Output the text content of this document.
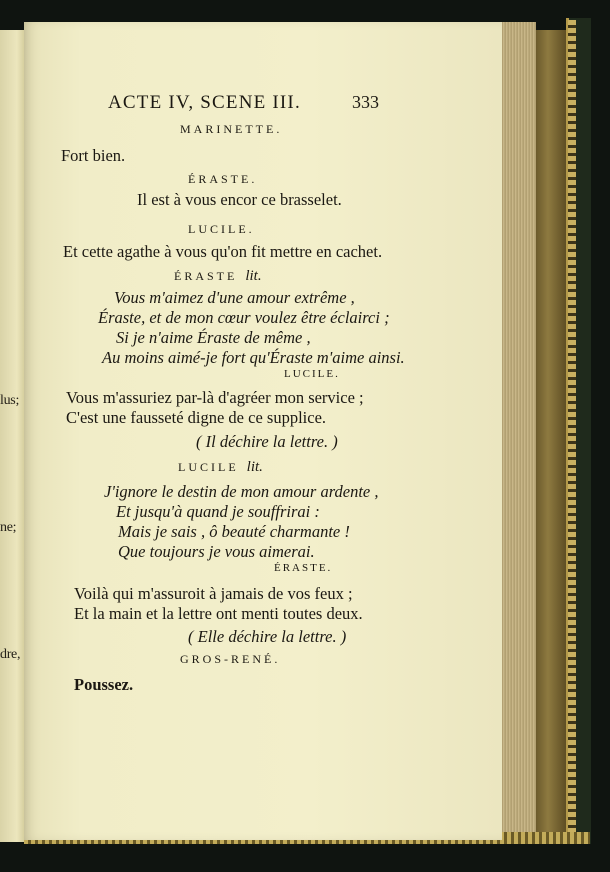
lus;
ne;
dre,
ACTE IV, SCENE III.	333
MARINETTE.
Fort bien.
ÉRASTE.
Il est à vous encor ce brasselet.
LUCILE.
Et cette agathe à vous qu'on fit mettre en cachet.
ÉRASTE lit.
Vous m'aimez d'une amour extrême ,
Éraste, et de mon cœur voulez être éclairci ;
Si je n'aime Éraste de même ,
Au moins aimé-je fort qu'Éraste m'aime ainsi.
LUCILE.
Vous m'assuriez par-là d'agréer mon service ;
C'est une fausseté digne de ce supplice.
( Il déchire la lettre. )
LUCILE lit.
J'ignore le destin de mon amour ardente ,
Et jusqu'à quand je souffrirai :
Mais je sais , ô beauté charmante !
Que toujours je vous aimerai.
ÉRASTE.
Voilà qui m'assuroit à jamais de vos feux ;
Et la main et la lettre ont menti toutes deux.
( Elle déchire la lettre. )
GROS-RENÉ.
Poussez.
